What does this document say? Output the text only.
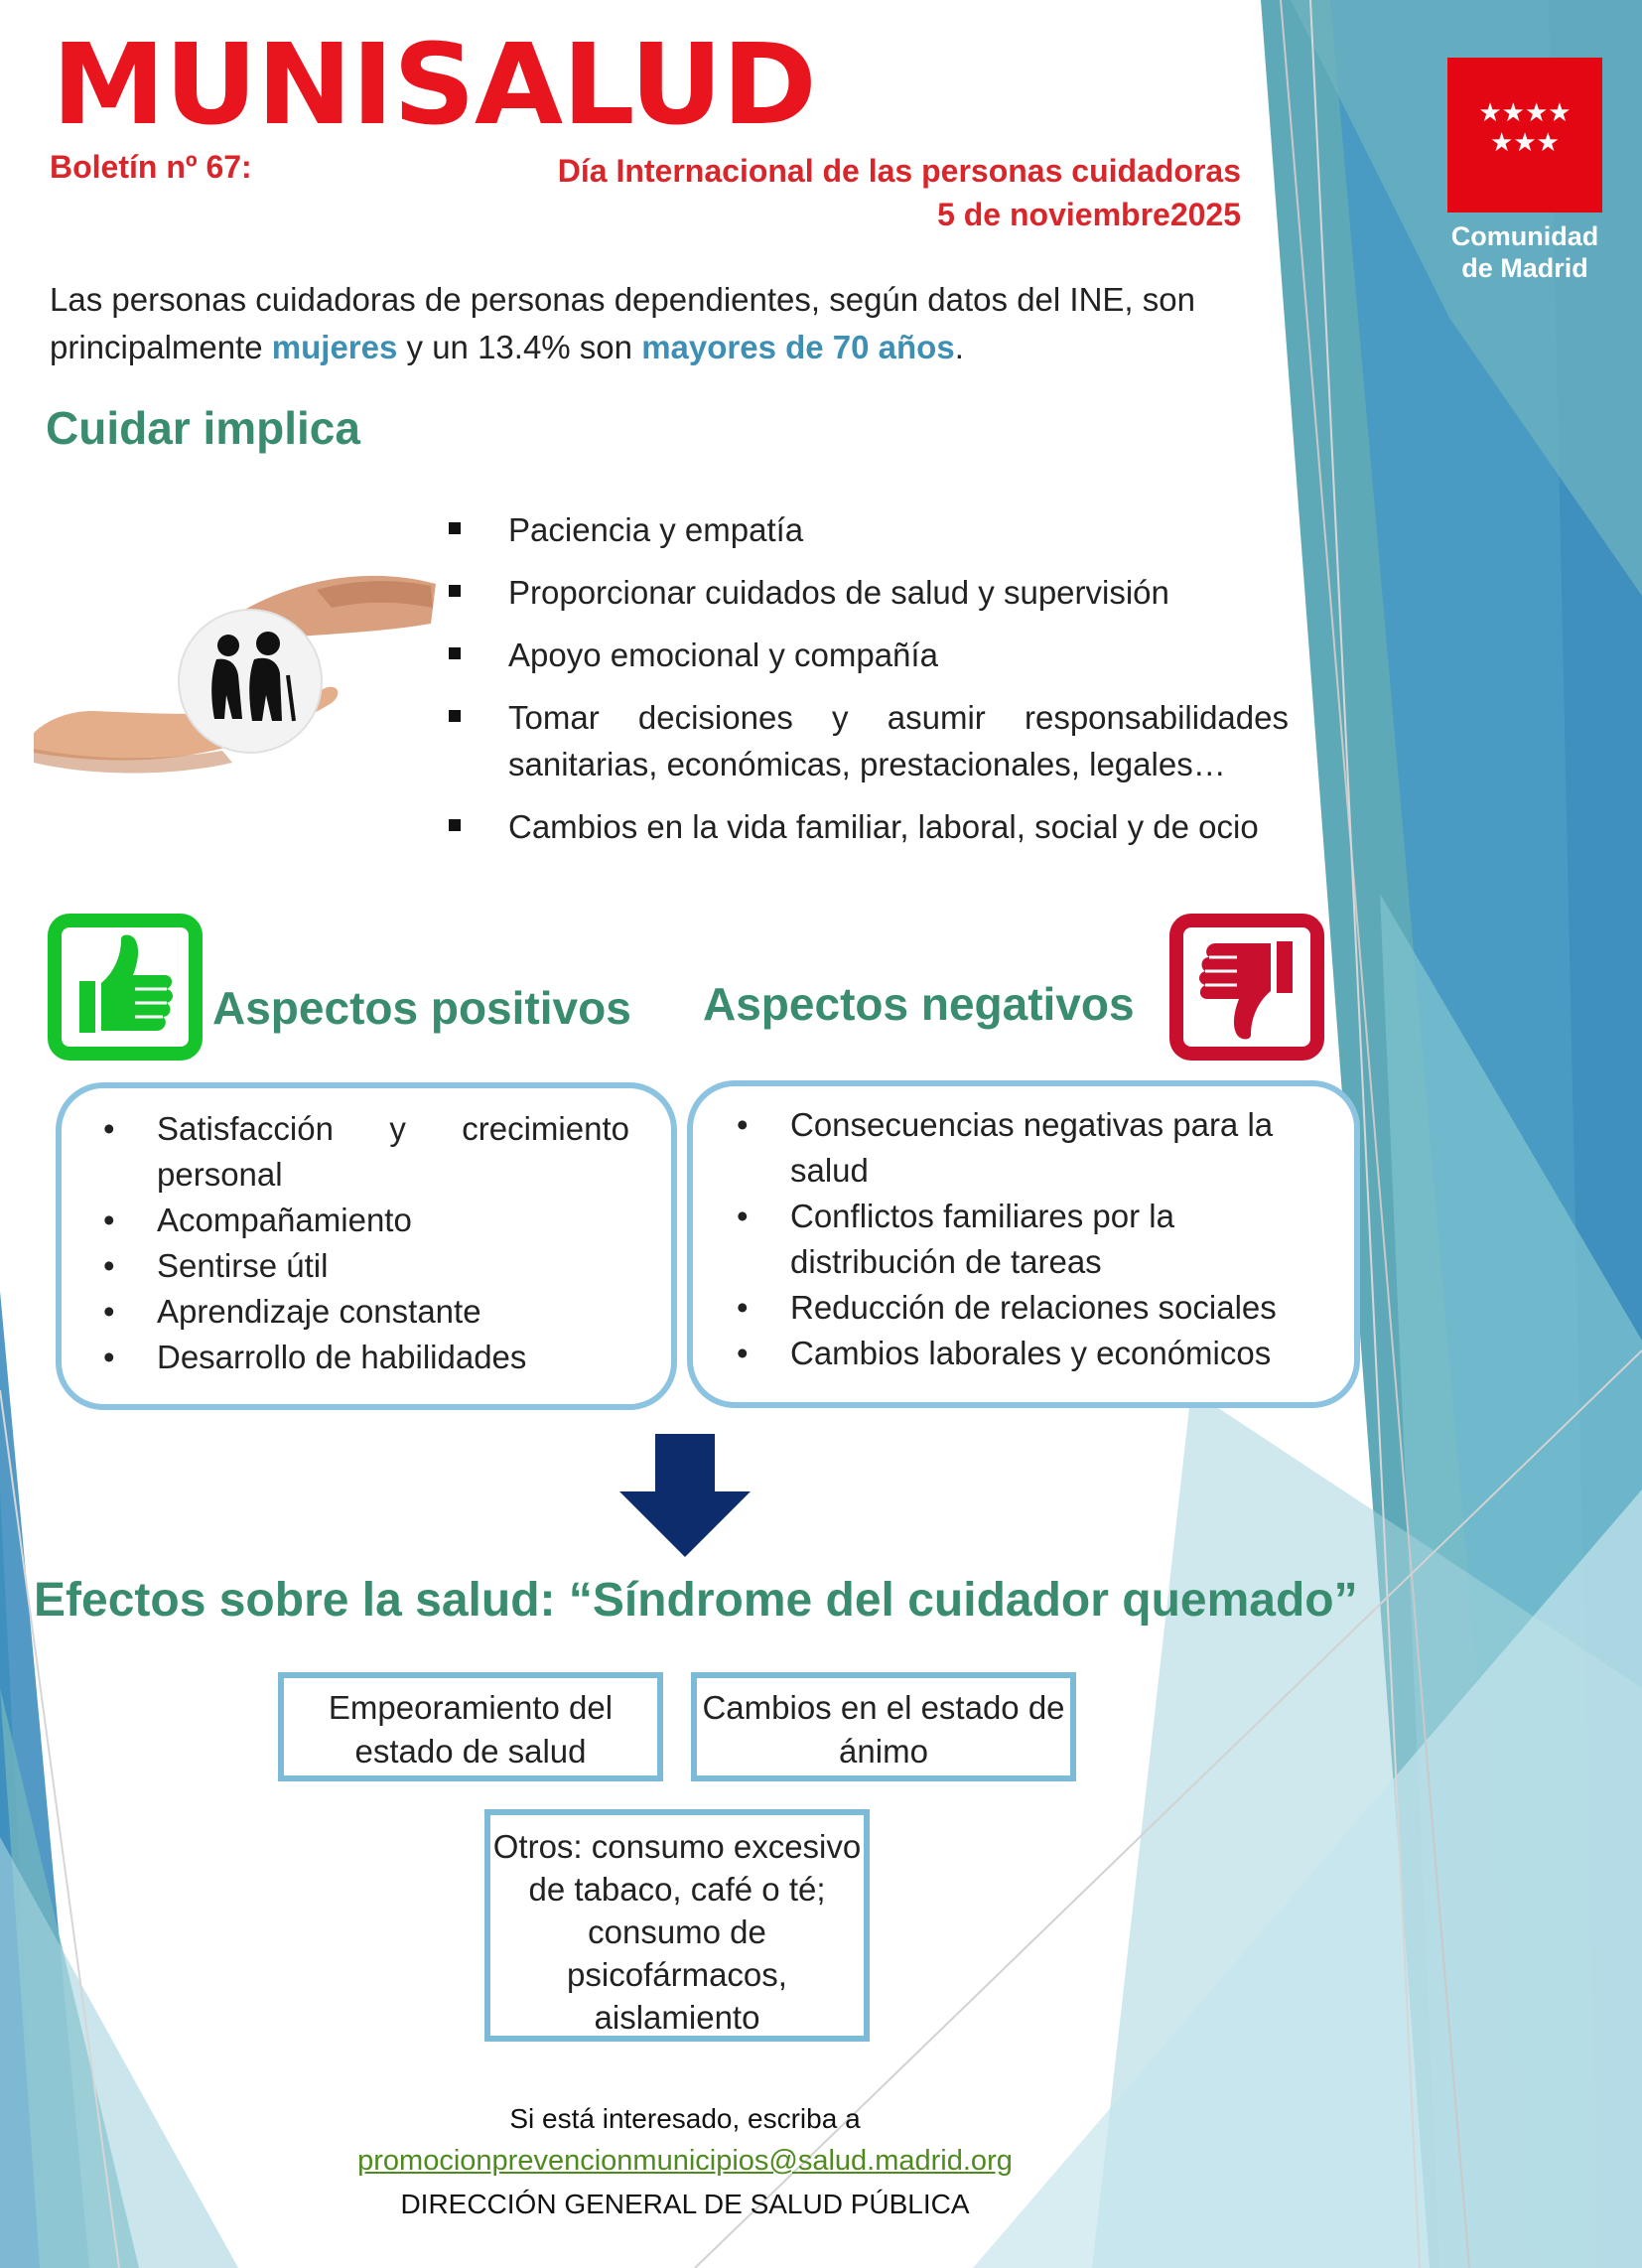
MUNISALUD
Boletín nº 67:	Día Internacional de las personas cuidadoras
5 de noviembre2025
★★★★
★★★
Comunidad
de Madrid
Las personas cuidadoras de personas dependientes, según datos del INE, son principalmente mujeres y un 13.4% son mayores de 70 años.
Cuidar implica
Paciencia y empatía
Proporcionar cuidados de salud y supervisión
Apoyo emocional y compañía
Tomar decisiones y asumir responsabilidades sanitarias, económicas, prestacionales, legales…
Cambios en la vida familiar, laboral, social y de ocio
Aspectos positivos Aspectos negativos
• Satisfacción y crecimiento
personal
• Acompañamiento
• Sentirse útil
• Aprendizaje constante
• Desarrollo de habilidades
• Consecuencias negativas para la salud
• Conflictos familiares por la distribución de tareas
• Reducción de relaciones sociales
• Cambios laborales y económicos
Efectos sobre la salud: “Síndrome del cuidador quemado”
Empeoramiento del estado de salud
Cambios en el estado de ánimo
Otros: consumo excesivo de tabaco, café o té; consumo de psicofármacos, aislamiento
Si está interesado, escriba a
promocionprevencionmunicipios@salud.madrid.org
DIRECCIÓN GENERAL DE SALUD PÚBLICA
